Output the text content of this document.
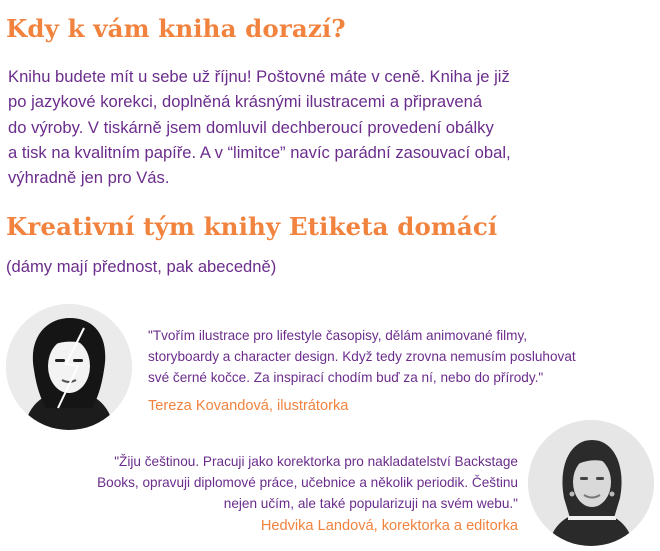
Kdy k vám kniha dorazí?
Knihu budete mít u sebe už říjnu! Poštovné máte v ceně. Kniha je již
po jazykové korekci, doplněná krásnými ilustracemi a připravená
do výroby. V tiskárně jsem domluvil dechberoucí provedení obálky
a tisk na kvalitním papíře. A v “limitce” navíc parádní zasouvací obal,
výhradně jen pro Vás.
Kreativní tým knihy Etiketa domácí
(dámy mají přednost, pak abecedně)
"Tvořím ilustrace pro lifestyle časopisy, dělám animované filmy,
storyboardy a character design. Když tedy zrovna nemusím posluhovat
své černé kočce. Za inspirací chodím buď za ní, nebo do přírody."
Tereza Kovandová, ilustrátorka
"Žiju češtinou. Pracuji jako korektorka pro nakladatelství Backstage
Books, opravuji diplomové práce, učebnice a několik periodik. Češtinu
nejen učím, ale také popularizuji na svém webu."
Hedvika Landová, korektorka a editorka
